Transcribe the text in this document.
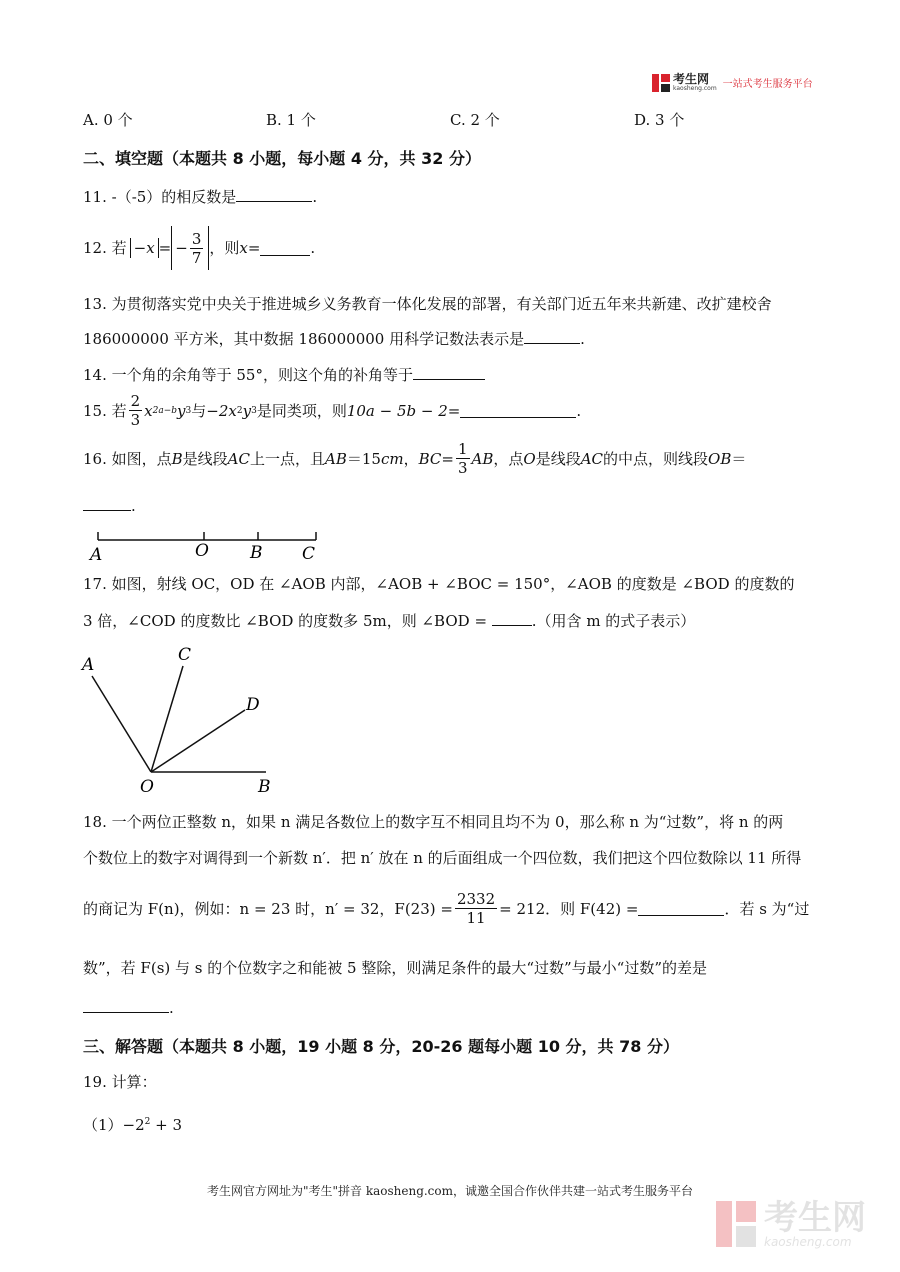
考生网
kaosheng.com 一站式考生服务平台
A. 0 个	B. 1 个	C. 2 个	D. 3 个
二、填空题（本题共 8 小题，每小题 4 分，共 32 分）
11. -（-5）的相反数是	.
12. 若 −x = − $\frac{3}{7}$ ，则 x =	.
13. 为贯彻落实党中央关于推进城乡义务教育一体化发展的部署，有关部门近五年来共新建、改扩建校舍
186000000 平方米，其中数据 186000000 用科学记数法表示是	.
14. 一个角的余角等于 55°，则这个角的补角等于
15. 若 $\frac{2}{3}$ x 2a−b y 3 与 −2x 2 y 3 是同类项，则 10a − 5b − 2 =	.
16. 如图，点 B 是线段 AC 上一点，且 AB ＝15 cm ， BC = $\frac{1}{3}$ AB ，点 O 是线段 AC 的中点，则线段 OB ＝
.
A	O B C
17. 如图，射线 OC，OD 在 ∠AOB 内部，∠AOB + ∠BOC = 150°，∠AOB 的度数是 ∠BOD 的度数的
3 倍，∠COD 的度数比 ∠BOD 的度数多 5m，则 ∠BOD =	.（用含 m 的式子表示）
A	C
D
O	B
18. 一个两位正整数 n，如果 n 满足各数位上的数字互不相同且均不为 0，那么称 n 为“过数”，将 n 的两
个数位上的数字对调得到一个新数 n′．把 n′ 放在 n 的后面组成一个四位数，我们把这个四位数除以 11 所得
的商记为 F(n)，例如：n = 23 时，n′ = 32，$F(23) = \frac{2332}{11} = 212$．则 F(42) =	．若 s 为“过
数”，若 F(s) 与 s 的个位数字之和能被 5 整除，则满足条件的最大“过数”与最小“过数”的差是
.
三、解答题（本题共 8 小题，19 小题 8 分，20-26 题每小题 10 分，共 78 分）
19. 计算：
$(1)-2^2 + 3$
考生网官方网址为"考生"拼音 kaosheng.com，诚邀全国合作伙伴共建一站式考生服务平台
考生网
kaosheng.com
